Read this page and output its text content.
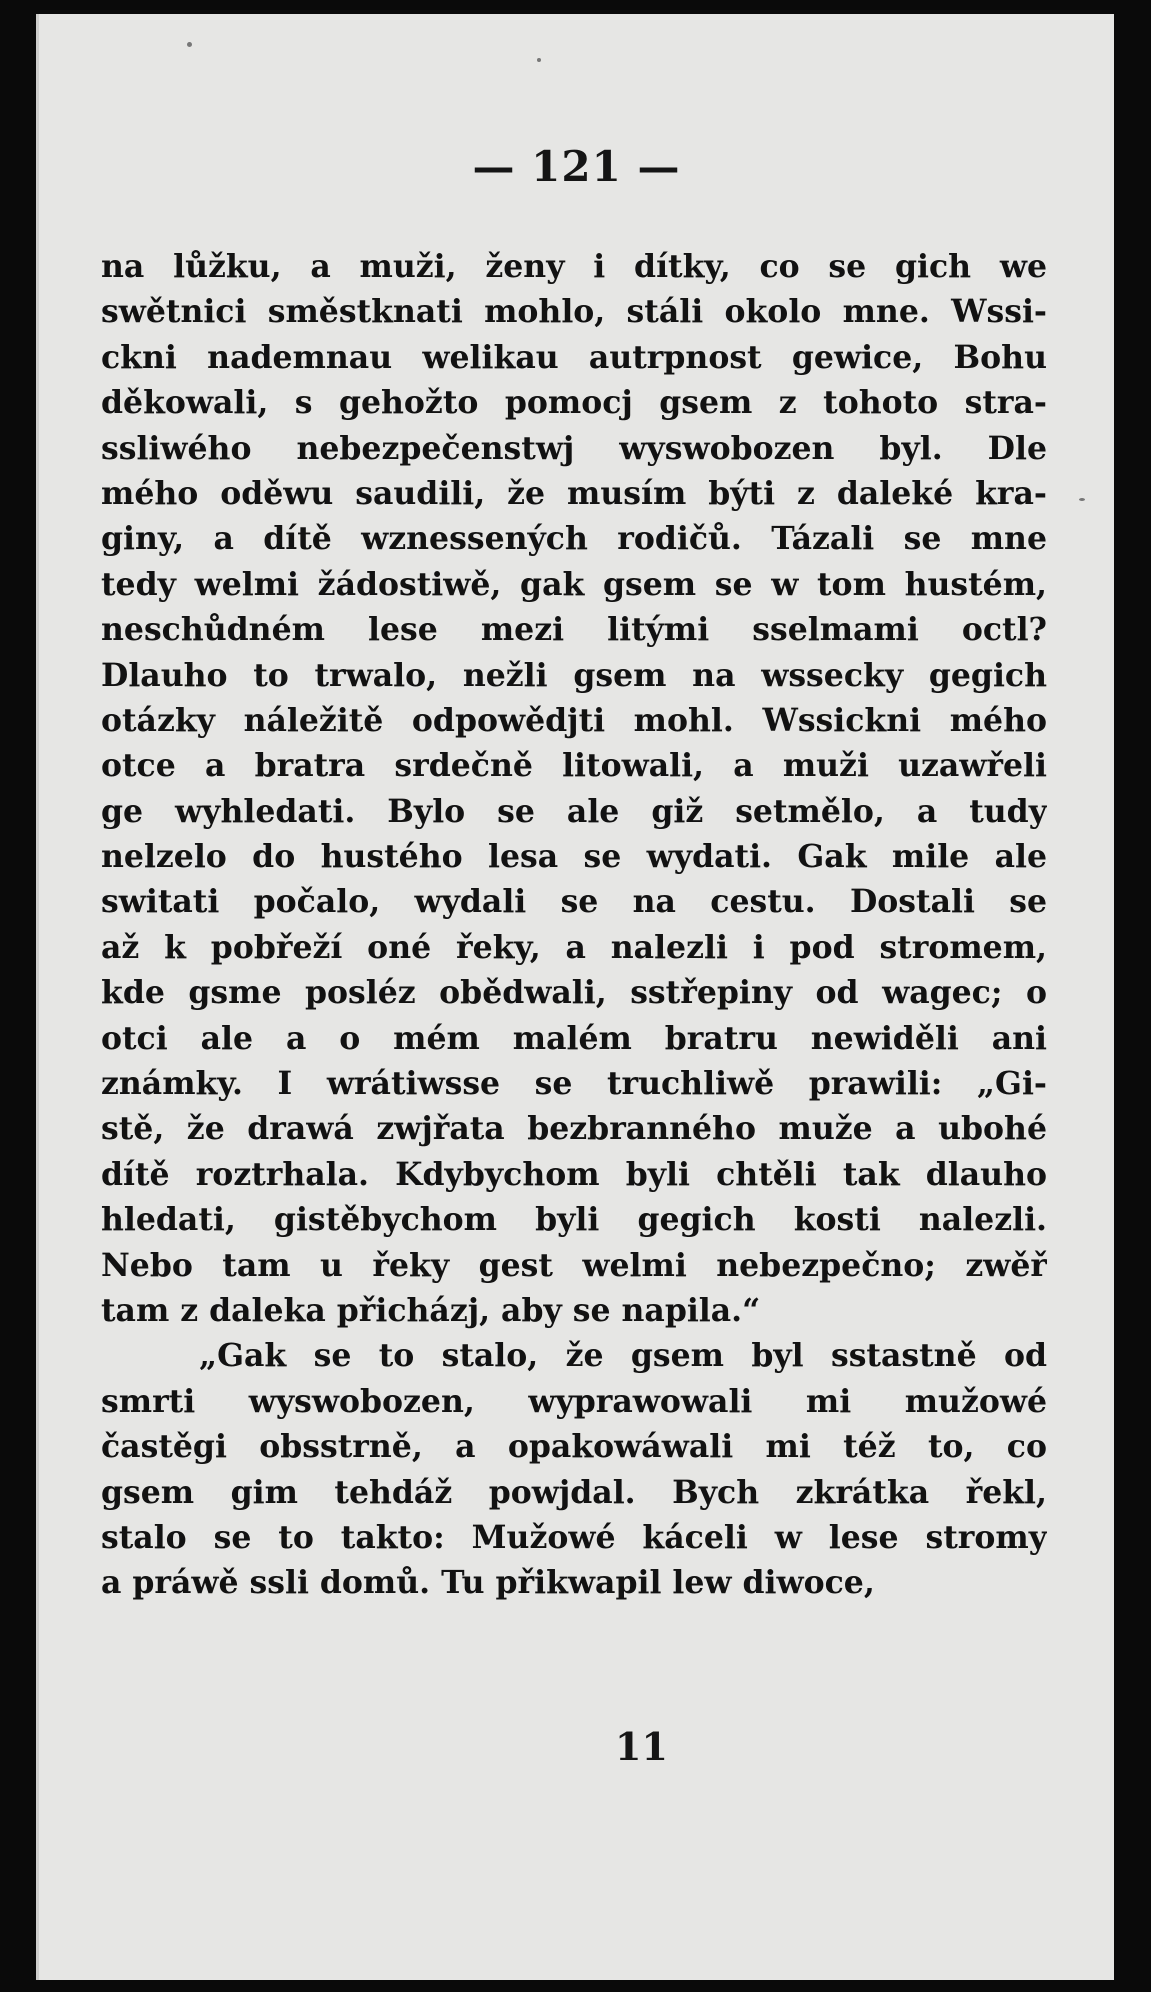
— 121 —
na lůžku, a muži, ženy i dítky, co se gich we
swětnici směstknati mohlo, stáli okolo mne. Wssi-
ckni nademnau welikau autrpnost gewice, Bohu
děkowali, s gehožto pomocj gsem z tohoto stra-
ssliwého nebezpečenstwj wyswobozen byl. Dle
mého oděwu saudili, že musím býti z daleké kra-
giny, a dítě wznessených rodičů. Tázali se mne
tedy welmi žádostiwě, gak gsem se w tom hustém,
neschůdném lese mezi litými sselmami octl?
Dlauho to trwalo, nežli gsem na wssecky gegich
otázky náležitě odpowědjti mohl. Wssickni mého
otce a bratra srdečně litowali, a muži uzawřeli
ge wyhledati. Bylo se ale giž setmělo, a tudy
nelzelo do hustého lesa se wydati. Gak mile ale
switati počalo, wydali se na cestu. Dostali se
až k pobřeží oné řeky, a nalezli i pod stromem,
kde gsme posléz obědwali, sstřepiny od wagec; o
otci ale a o mém malém bratru newiděli ani
známky. I wrátiwsse se truchliwě prawili: „Gi-
stě, že drawá zwjřata bezbranného muže a ubohé
dítě roztrhala. Kdybychom byli chtěli tak dlauho
hledati, gistěbychom byli gegich kosti nalezli.
Nebo tam u řeky gest welmi nebezpečno; zwěř
tam z daleka přicházj, aby se napila.“
„Gak se to stalo, že gsem byl sstastně od
smrti wyswobozen, wyprawowali mi mužowé
častěgi obsstrně, a opakowáwali mi též to, co
gsem gim tehdáž powjdal. Bych zkrátka řekl,
stalo se to takto: Mužowé káceli w lese stromy
a práwě ssli domů. Tu přikwapil lew diwoce,
11
